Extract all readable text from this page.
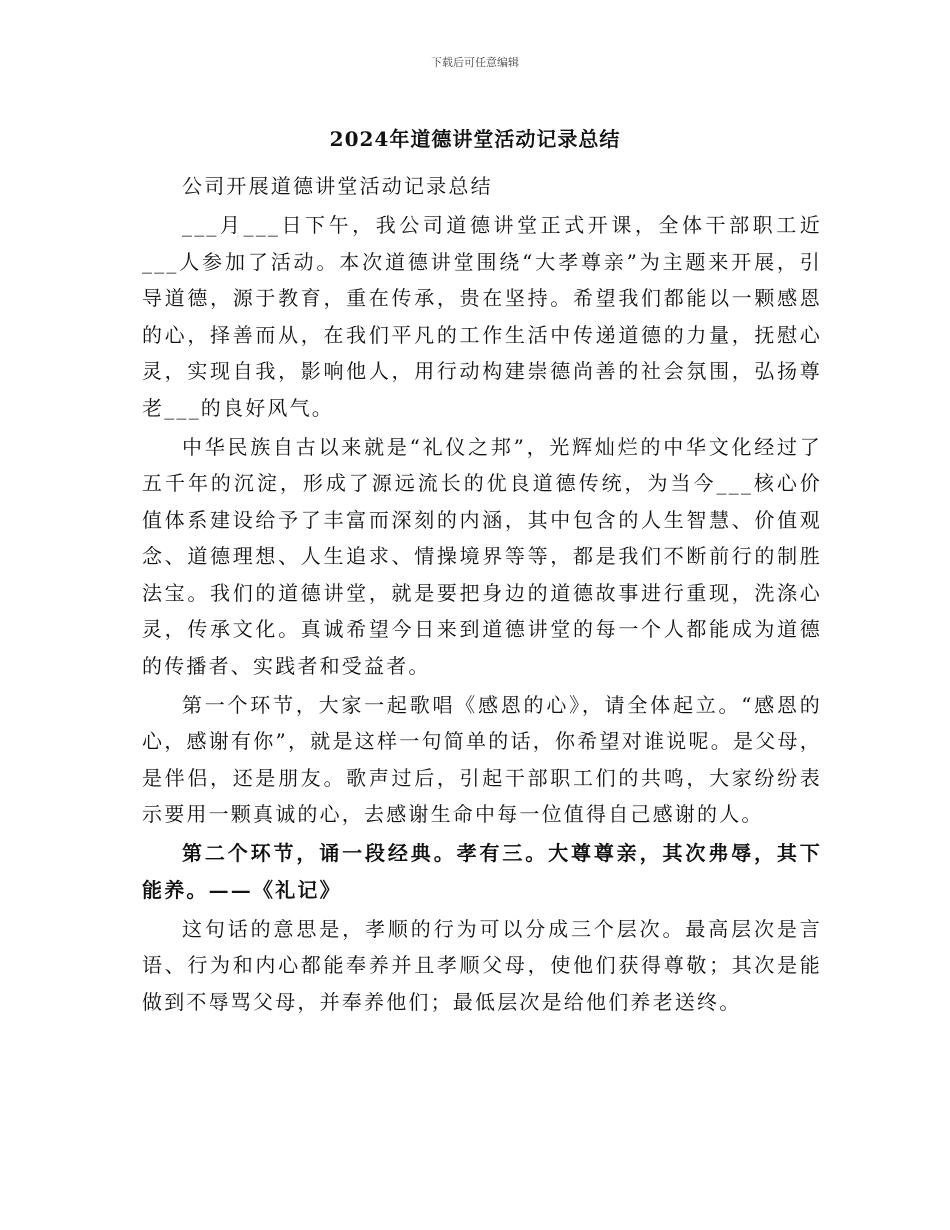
下载后可任意编辑
2024年道德讲堂活动记录总结

公司开展道德讲堂活动记录总结

___月___日下午，我公司道德讲堂正式开课，全体干部职工近___人参加了活动。本次道德讲堂围绕“大孝尊亲”为主题来开展，引导道德，源于教育，重在传承，贵在坚持。希望我们都能以一颗感恩的心，择善而从，在我们平凡的工作生活中传递道德的力量，抚慰心灵，实现自我，影响他人，用行动构建崇德尚善的社会氛围，弘扬尊老___的良好风气。

中华民族自古以来就是“礼仪之邦”，光辉灿烂的中华文化经过了五千年的沉淀，形成了源远流长的优良道德传统，为当今___核心价值体系建设给予了丰富而深刻的内涵，其中包含的人生智慧、价值观念、道德理想、人生追求、情操境界等等，都是我们不断前行的制胜法宝。我们的道德讲堂，就是要把身边的道德故事进行重现，洗涤心灵，传承文化。真诚希望今日来到道德讲堂的每一个人都能成为道德的传播者、实践者和受益者。

第一个环节，大家一起歌唱《感恩的心》，请全体起立。“感恩的心，感谢有你”，就是这样一句简单的话，你希望对谁说呢。是父母，是伴侣，还是朋友。歌声过后，引起干部职工们的共鸣，大家纷纷表示要用一颗真诚的心，去感谢生命中每一位值得自己感谢的人。

第二个环节，诵一段经典。孝有三。大尊尊亲，其次弗辱，其下能养。——《礼记》

这句话的意思是，孝顺的行为可以分成三个层次。最高层次是言语、行为和内心都能奉养并且孝顺父母，使他们获得尊敬；其次是能做到不辱骂父母，并奉养他们；最低层次是给他们养老送终。
